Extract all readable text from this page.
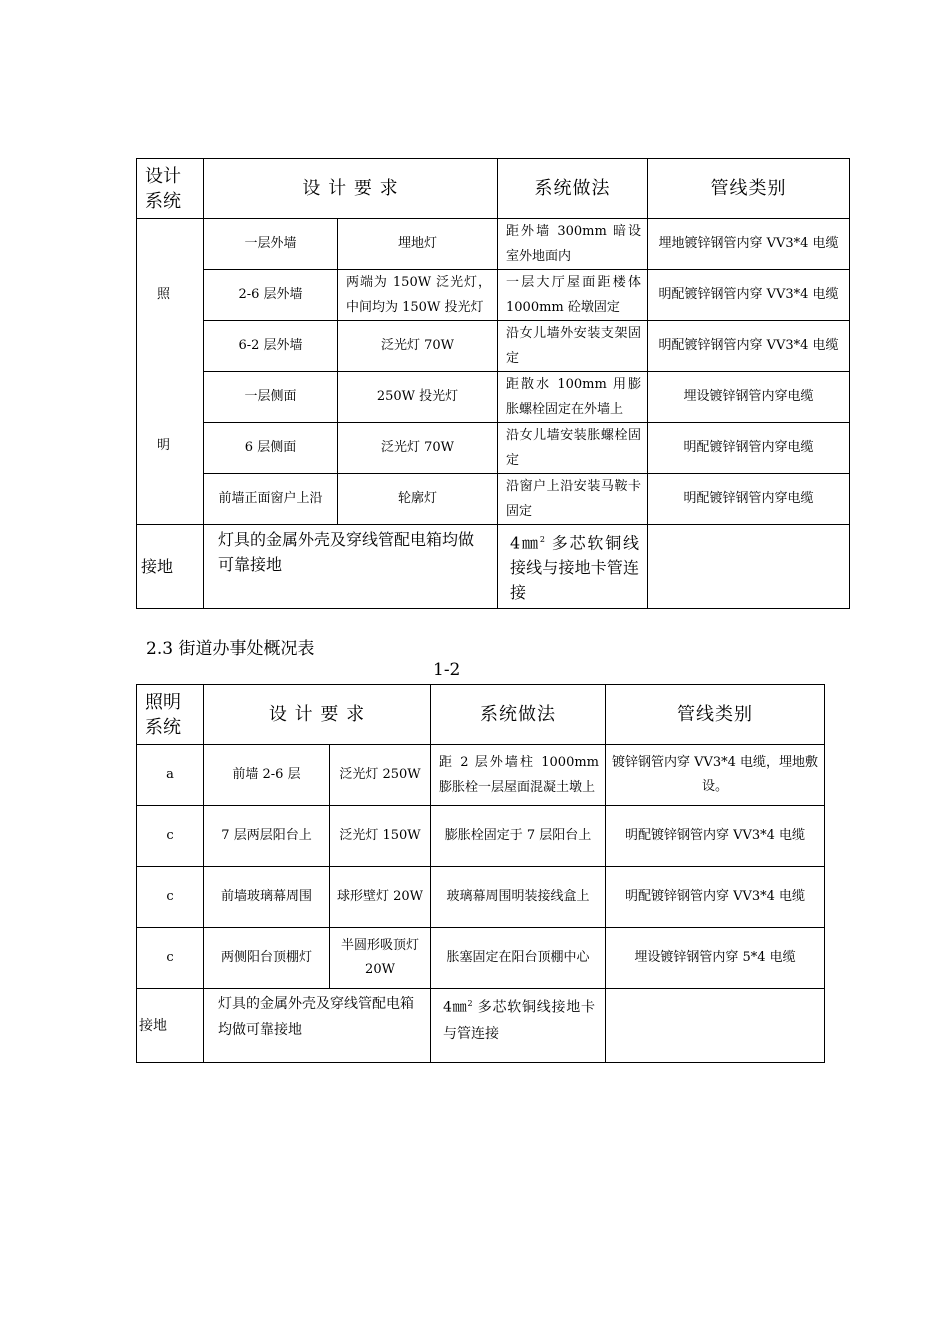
设计
系统	设 计 要 求		系统做法	管线类别

照
明	一层外墙	埋地灯	距外墙 300mm 暗设室外地面内	埋地镀锌钢管内穿 VV3*4 电缆
	2-6 层外墙	两端为 150W 泛光灯，中间均为 150W 投光灯	一层大厅屋面距楼体 1000mm 砼墩固定	明配镀锌钢管内穿 VV3*4 电缆
	6-2 层外墙	泛光灯 70W	沿女儿墙外安装支架固定	明配镀锌钢管内穿 VV3*4 电缆
	一层侧面	250W 投光灯	距散水 100mm 用膨胀螺栓固定在外墙上	埋设镀锌钢管内穿电缆
	6 层侧面	泛光灯 70W	沿女儿墙安装胀螺栓固定	明配镀锌钢管内穿电缆
	前墙正面窗户上沿	轮廓灯	沿窗户上沿安装马鞍卡固定	明配镀锌钢管内穿电缆
接地	灯具的金属外壳及穿线管配电箱均做可靠接地		4㎜$^2$ 多芯软铜线接线与接地卡管连接	
2.3 街道办事处概况表
1-2
照明
系统	设 计 要 求		系统做法	管线类别
a	前墙 2-6 层	泛光灯 250W	距 2 层外墙柱 1000mm 膨胀栓一层屋面混凝土墩上	镀锌钢管内穿 VV3*4 电缆，埋地敷设。
c	7 层两层阳台上	泛光灯 150W	膨胀栓固定于 7 层阳台上	明配镀锌钢管内穿 VV3*4 电缆
c	前墙玻璃幕周围	球形壁灯 20W	玻璃幕周围明装接线盒上	明配镀锌钢管内穿 VV3*4 电缆
c	两侧阳台顶棚灯	半圆形吸顶灯 20W	胀塞固定在阳台顶棚中心	埋设镀锌钢管内穿 5*4 电缆
接地	灯具的金属外壳及穿线管配电箱均做可靠接地		4㎜$^2$ 多芯软铜线接地卡与管连接	
